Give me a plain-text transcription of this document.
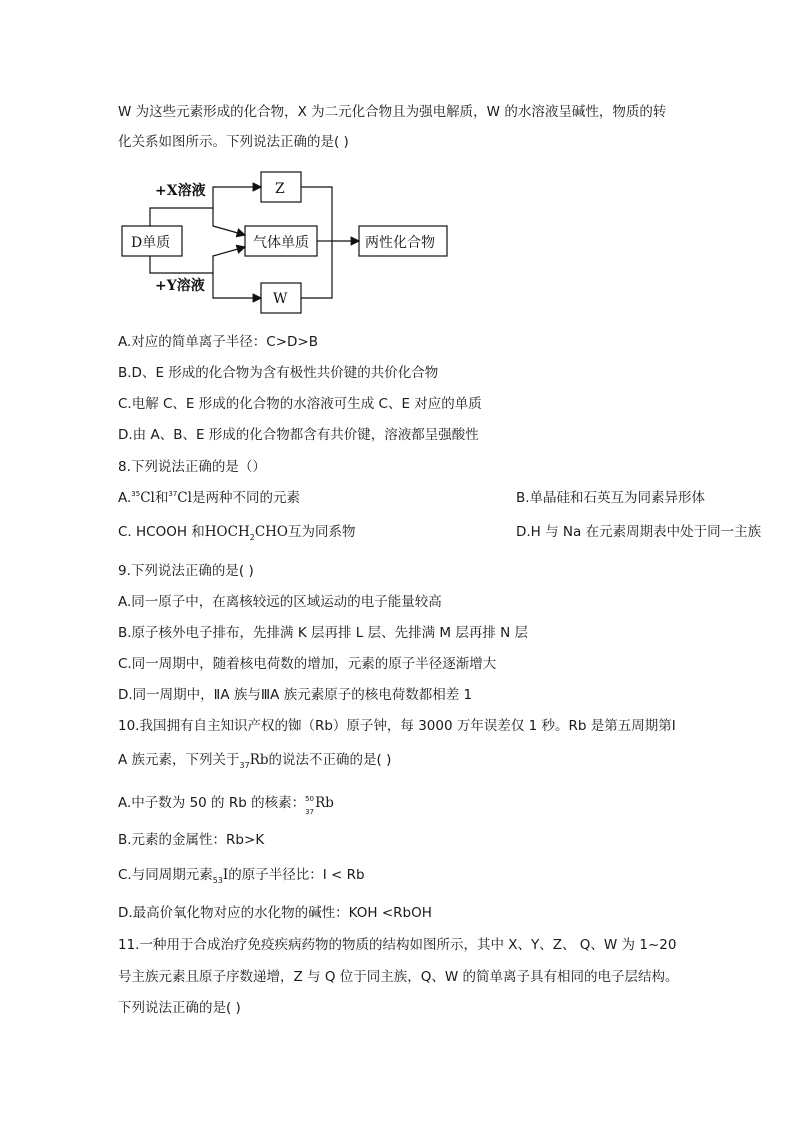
W 为这些元素形成的化合物，X 为二元化合物且为强电解质，W 的水溶液呈碱性，物质的转
化关系如图所示。下列说法正确的是( )
+X溶液
+Y溶液
D单质
Z
气体单质
W
两性化合物
A.对应的简单离子半径：C>D>B
B.D、E 形成的化合物为含有极性共价键的共价化合物
C.电解 C、E 形成的化合物的水溶液可生成 C、E 对应的单质
D.由 A、B、E 形成的化合物都含有共价键，溶液都呈强酸性
8.下列说法正确的是（）
A.$^{35}$Cl和$^{37}$Cl是两种不同的元素	B.单晶硅和石英互为同素异形体
C. HCOOH 和$HOCH_2CHO$互为同系物	D.H 与 Na 在元素周期表中处于同一主族
9.下列说法正确的是( )
A.同一原子中，在离核较远的区域运动的电子能量较高
B.原子核外电子排布，先排满 K 层再排 L 层、先排满 M 层再排 N 层
C.同一周期中，随着核电荷数的增加，元素的原子半径逐渐增大
D.同一周期中，ⅡA 族与ⅢA 族元素原子的核电荷数都相差 1
10.我国拥有自主知识产权的铷（Rb）原子钟，每 3000 万年误差仅 1 秒。Rb 是第五周期第Ⅰ
A 族元素，下列关于$_{37}$Rb的说法不正确的是( )
A.中子数为 50 的 Rb 的核素： 50
37
Rb
B.元素的金属性：Rb>K
C.与同周期元素$_{53}$I的原子半径比：I < Rb
D.最高价氧化物对应的水化物的碱性：KOH <RbOH
11.一种用于合成治疗免疫疾病药物的物质的结构如图所示，其中 X、Y、Z、 Q、W 为 1~20
号主族元素且原子序数递增，Z 与 Q 位于同主族，Q、W 的简单离子具有相同的电子层结构。
下列说法正确的是( )
